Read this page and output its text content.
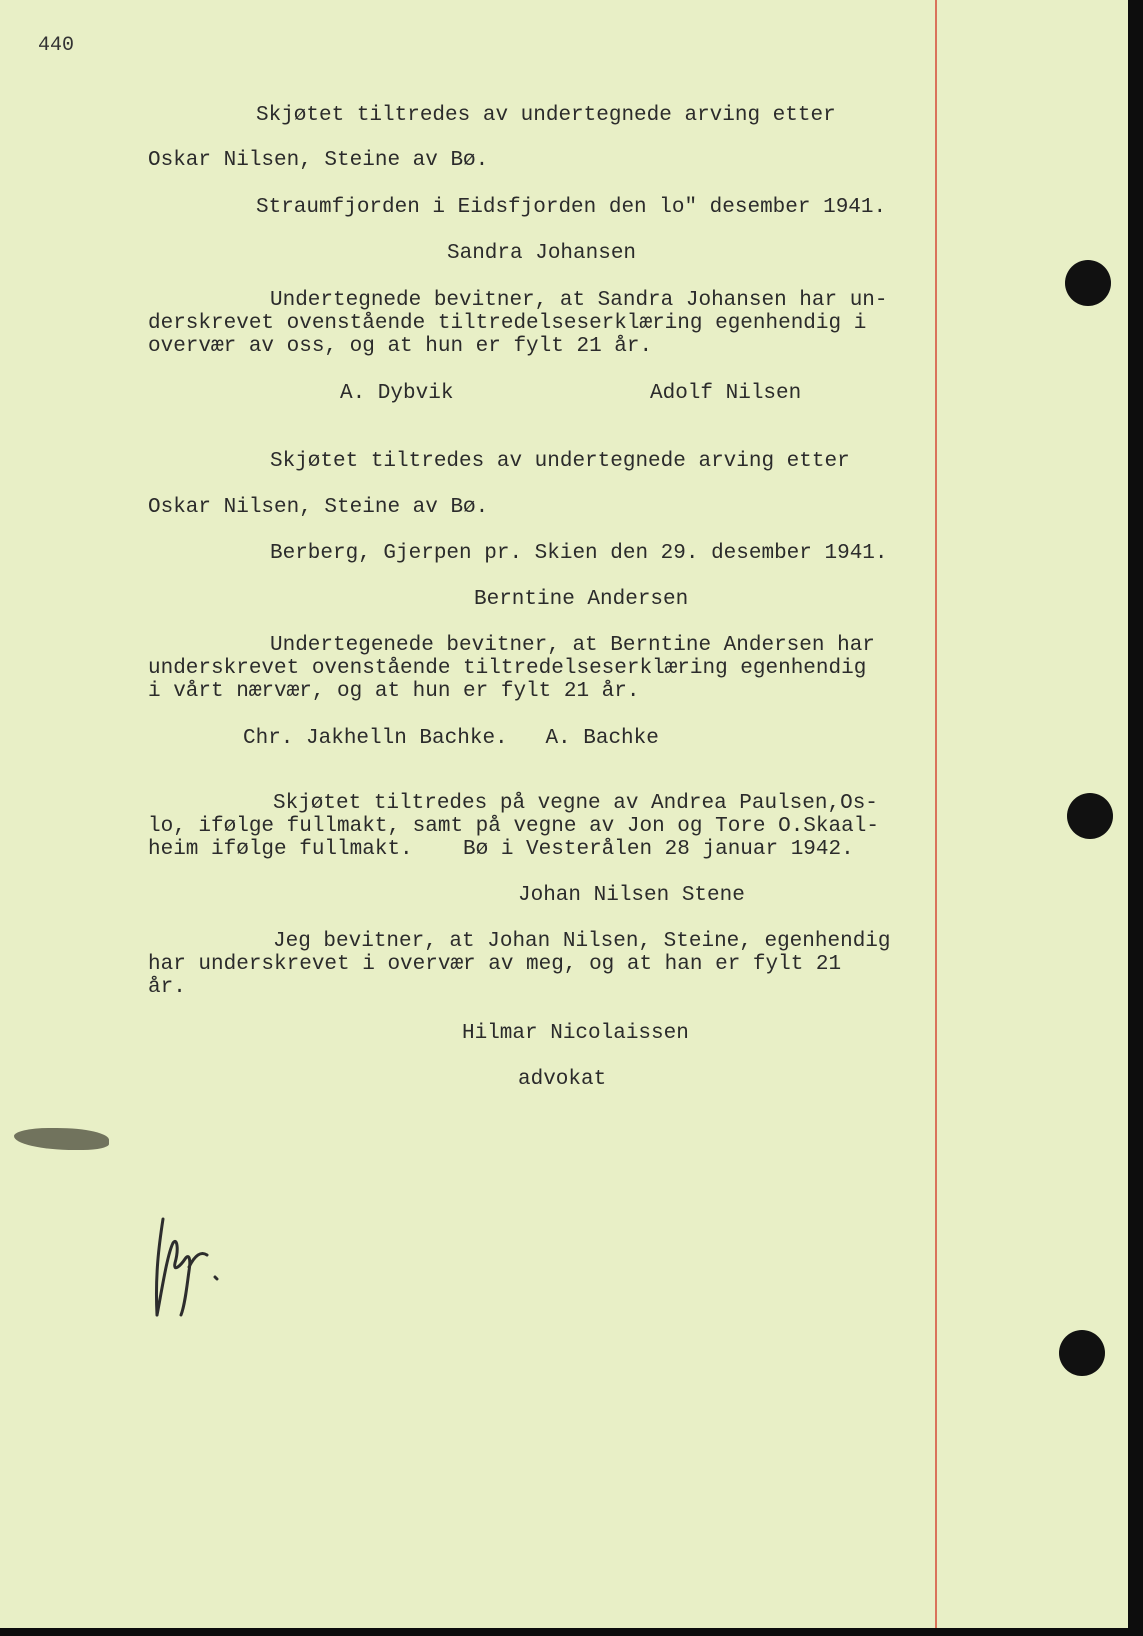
440
Skjøtet tiltredes av undertegnede arving etter
Oskar Nilsen, Steine av Bø.
Straumfjorden i Eidsfjorden den lo" desember 1941.
Sandra Johansen
Undertegnede bevitner, at Sandra Johansen har un-
derskrevet ovenstående tiltredelseserklæring egenhendig i
overvær av oss, og at hun er fylt 21 år.
A. Dybvik	Adolf Nilsen
Skjøtet tiltredes av undertegnede arving etter
Oskar Nilsen, Steine av Bø.
Berberg, Gjerpen pr. Skien den 29. desember 1941.
Berntine Andersen
Undertegenede bevitner, at Berntine Andersen har
underskrevet ovenstående tiltredelseserklæring egenhendig
i vårt nærvær, og at hun er fylt 21 år.
Chr. Jakhelln Bachke.   A. Bachke
Skjøtet tiltredes på vegne av Andrea Paulsen,Os-
lo, ifølge fullmakt, samt på vegne av Jon og Tore O.Skaal-
heim ifølge fullmakt.    Bø i Vesterålen 28 januar 1942.
Johan Nilsen Stene
Jeg bevitner, at Johan Nilsen, Steine, egenhendig
har underskrevet i overvær av meg, og at han er fylt 21
år.
Hilmar Nicolaissen
advokat
